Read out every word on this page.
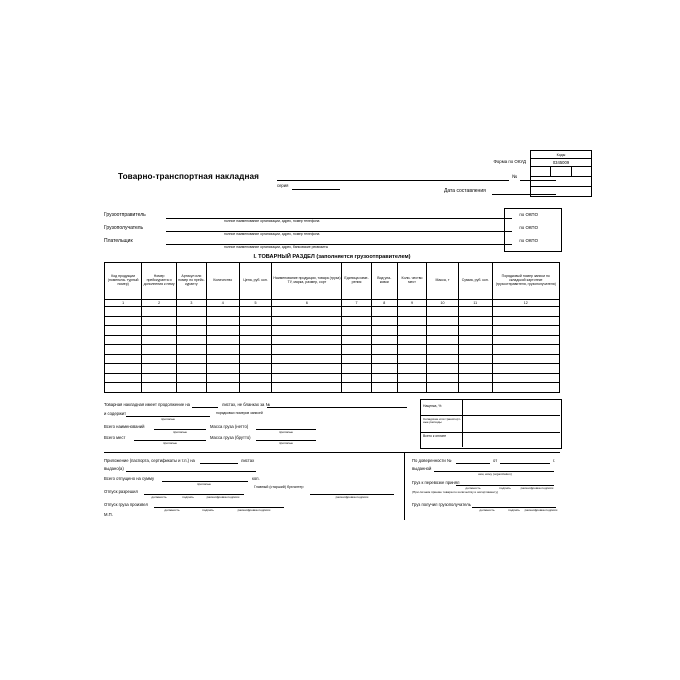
Коды
0345009
Форма по ОКУД
Товарно-транспортная накладная	№
серия
Дата составления
Грузоотправитель
полное наименование организации, адрес, номер телефона
по ОКПО
Грузополучатель
полное наименование организации, адрес, номер телефона
по ОКПО
Плательщик
полное наименование организации, адрес, банковские реквизиты
по ОКПО
I. ТОВАРНЫЙ РАЗДЕЛ (заполняется грузоотправителем)
Код продукции (номенкла- турный номер)	Номер прейскуранта и дополнения к нему	Артикул или номер по прейс- куранту	Количество	Цена, руб. коп.	Наименование продукции, товара (груза) ТУ, марка, размер, сорт	Единица изме- рения	Вид упа- ковки	Коли- чество мест	Масса, т	Сумма, руб. коп.	Порядковый номер записи по складской картотеке (грузоотправителя, грузополучателя)
1	2	3	4	5	6	7	8	9	10	11	12

Товарная накладная имеет продолжение на	листах, не бланках за №
и содержит
прописью
порядковых номеров записей
Всего наименований
прописью
Масса груза (нетто)
прописью
Всего мест
прописью
Масса груза (брутто)
прописью
Наценка, %
Складские или транспорт- ные расходы
Всего к оплате
Приложение (паспорта, сертификаты и т.п.) на	листах
выдано(а)
Всего отпущено на сумму
прописью
коп.
Отпуск разрешил
должность	подпись	расшифровка подписи
Главный (старший) бухгалтер
расшифровка подписи
Отпуск груза произвел
должность	подпись	расшифровка подписи
М.П.
По доверенности №	от	г.
выданной
кем, кому (organization)
Груз к перевозке принял
должность	подпись	расшифровка подписи
(При личном приеме товара по количеству и ассортименту)
Груз получил грузополучатель
должность	подпись	расшифровка подписи
